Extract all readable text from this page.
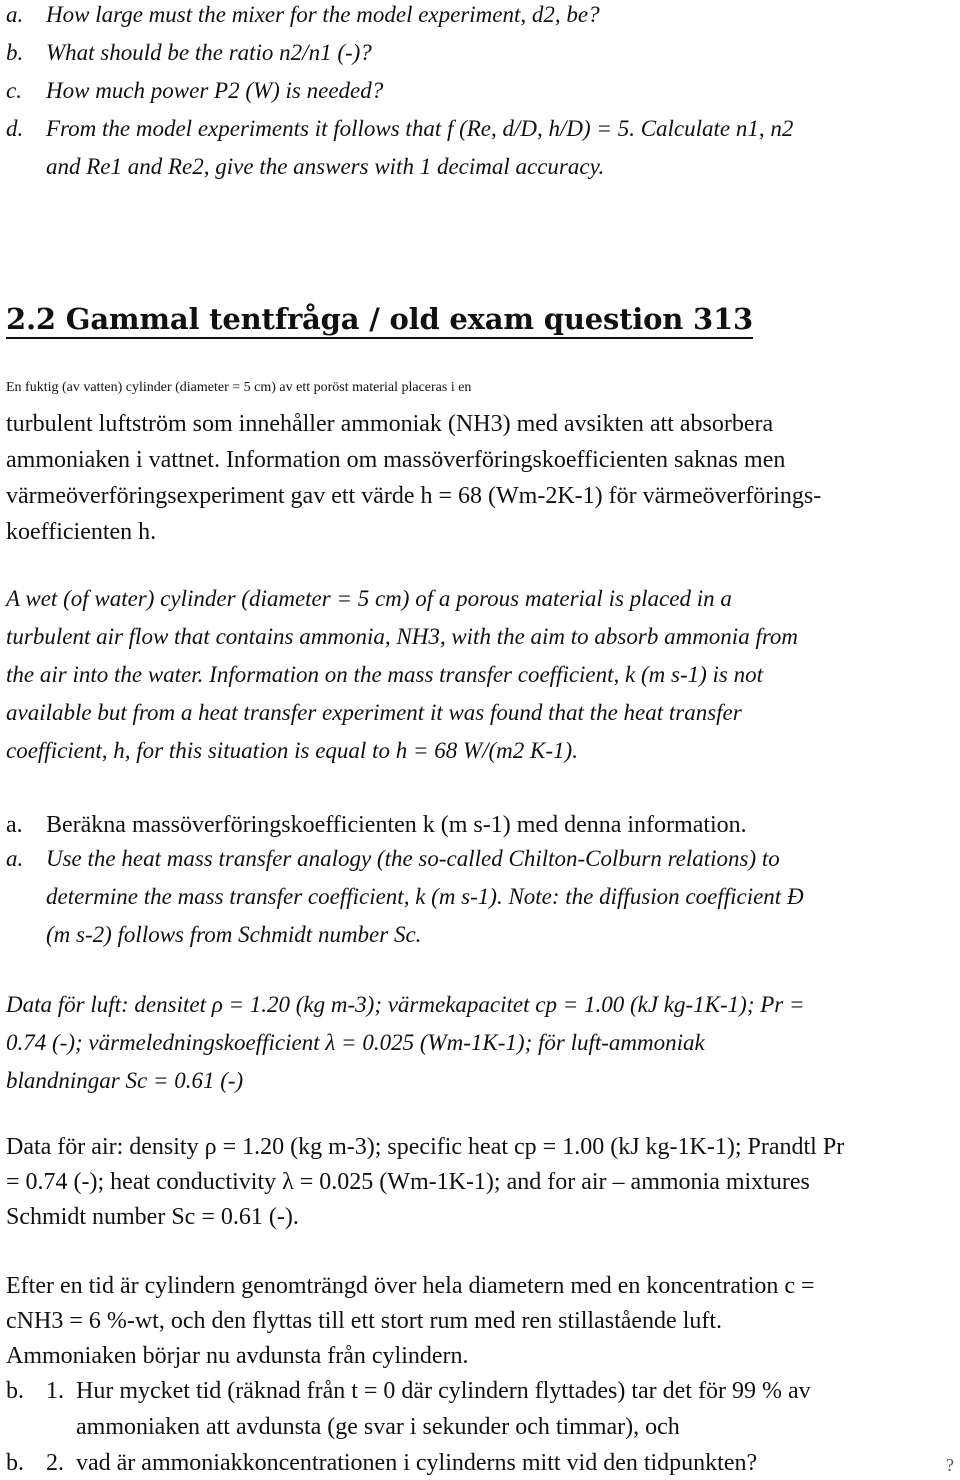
a. How large must the mixer for the model experiment, d2, be?
b. What should be the ratio n2/n1 (-)?
c. How much power P2 (W) is needed?
d. From the model experiments it follows that f (Re, d/D, h/D) = 5. Calculate n1, n2
and Re1 and Re2, give the answers with 1 decimal accuracy.
2.2 Gammal tentfråga / old exam question 313
En fuktig (av vatten) cylinder (diameter = 5 cm) av ett poröst material placeras i en
turbulent luftström som innehåller ammoniak (NH3) med avsikten att absorbera
ammoniaken i vattnet. Information om massöverföringskoefficienten saknas men
värmeöverföringsexperiment gav ett värde h = 68 (Wm-2K-1) för värmeöverförings-
koefficienten h.
A wet (of water) cylinder (diameter = 5 cm) of a porous material is placed in a
turbulent air flow that contains ammonia, NH3, with the aim to absorb ammonia from
the air into the water. Information on the mass transfer coefficient, k (m s-1) is not
available but from a heat transfer experiment it was found that the heat transfer
coefficient, h, for this situation is equal to h = 68 W/(m2 K-1).
a. Beräkna massöverföringskoefficienten k (m s-1) med denna information.
a. Use the heat mass transfer analogy (the so-called Chilton-Colburn relations) to
determine the mass transfer coefficient, k (m s-1). Note: the diffusion coefficient Đ
(m s-2) follows from Schmidt number Sc.
Data för luft: densitet ρ = 1.20 (kg m-3); värmekapacitet cp = 1.00 (kJ kg-1K-1); Pr =
0.74 (-); värmeledningskoefficient λ = 0.025 (Wm-1K-1); för luft-ammoniak
blandningar Sc = 0.61 (-)
Data för air: density ρ = 1.20 (kg m-3); specific heat cp = 1.00 (kJ kg-1K-1); Prandtl Pr
= 0.74 (-); heat conductivity λ = 0.025 (Wm-1K-1); and for air – ammonia mixtures
Schmidt number Sc = 0.61 (-).
Efter en tid är cylindern genomträngd över hela diametern med en koncentration c =
cNH3 = 6 %-wt, och den flyttas till ett stort rum med ren stillastående luft.
Ammoniaken börjar nu avdunsta från cylindern.
b. 1. Hur mycket tid (räknad från t = 0 där cylindern flyttades) tar det för 99 % av
ammoniaken att avdunsta (ge svar i sekunder och timmar), och
b. 2. vad är ammoniakkoncentrationen i cylinderns mitt vid den tidpunkten?	?
